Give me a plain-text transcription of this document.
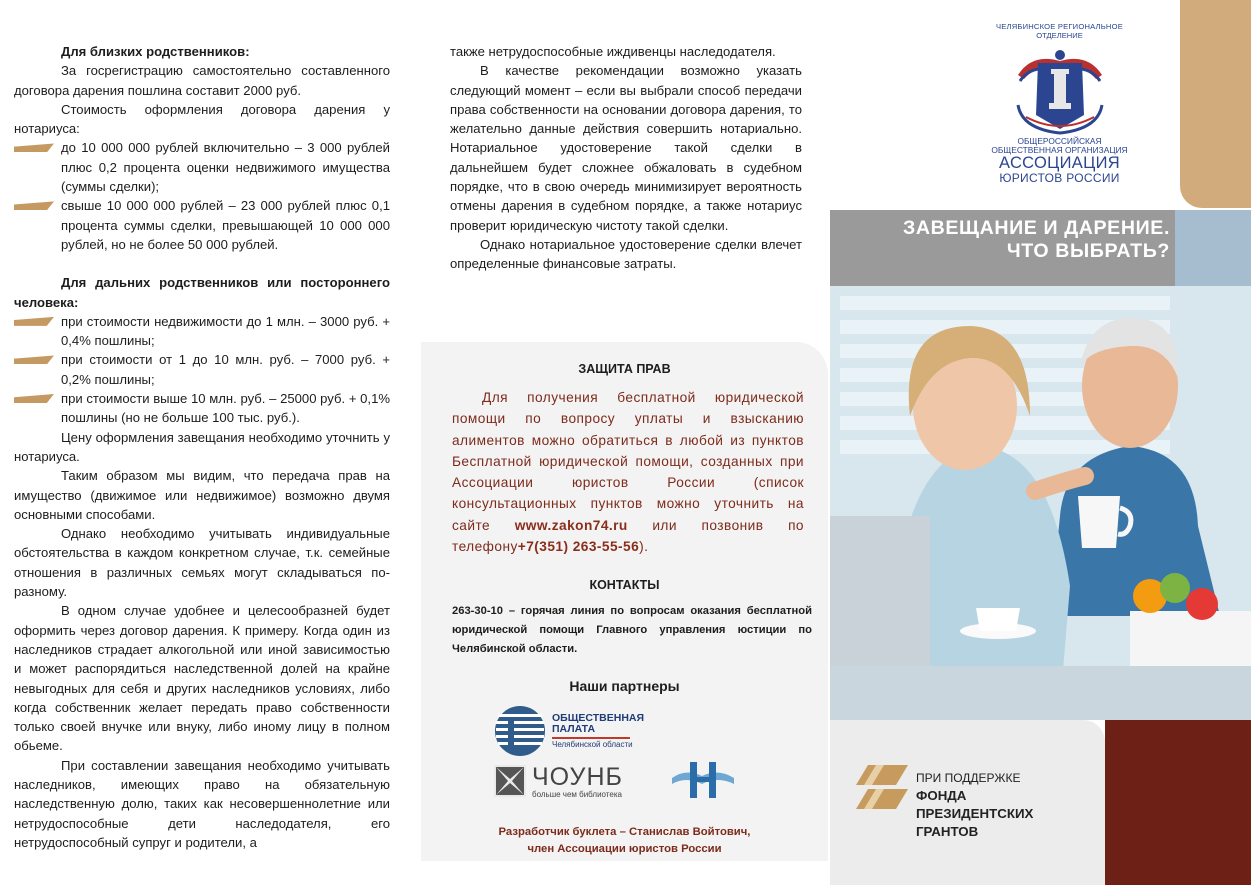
Для близких родственников:

За госрегистрацию самостоятельно составленного договора дарения пошлина составит 2000 руб.

Стоимость оформления договора дарения у нотариуса:

до 10 000 000 рублей включительно – 3 000 рублей плюс 0,2 процента оценки недвижимого имущества (суммы сделки);
свыше 10 000 000 рублей – 23 000 рублей плюс 0,1 процента суммы сделки, превышающей 10 000 000 рублей, но не более 50 000 рублей.
Для дальних родственников или постороннего человека:
при стоимости недвижимости до 1 млн. – 3000 руб. + 0,4% пошлины;
при стоимости от 1 до 10 млн. руб. – 7000 руб. + 0,2% пошлины;
при стоимости выше 10 млн. руб. – 25000 руб. + 0,1% пошлины (но не больше 100 тыс. руб.).

Цену оформления завещания необходимо уточнить у нотариуса.

Таким образом мы видим, что передача прав на имущество (движимое или недвижимое) возможно двумя основными способами.

Однако необходимо учитывать индивидуальные обстоятельства в каждом конкретном случае, т.к. семейные отношения в различных семьях могут складываться по-разному.

В одном случае удобнее и целесообразней будет оформить через договор дарения. К примеру. Когда один из наследников страдает алкогольной или иной зависимостью и может распорядиться наследственной долей на крайне невыгодных для себя и других наследников условиях, либо когда собственник желает передать право собственности только своей внучке или внуку, либо иному лицу в полном обьеме.

При составлении завещания необходимо учитывать наследников, имеющих право на обязательную наследственную долю, таких как несовершеннолетние или нетрудоспособные дети наследодателя, его нетрудоспособный супруг и родители, а

также нетрудоспособные иждивенцы наследодателя.

В качестве рекомендации возможно указать следующий момент – если вы выбрали способ передачи права собственности на основании договора дарения, то желательно данные действия совершить нотариально. Нотариальное удостоверение такой сделки в дальнейшем будет сложнее обжаловать в судебном порядке, что в свою очередь минимизирует вероятность отмены дарения в судебном порядке, а также нотариус проверит юридическую чистоту такой сделки.

Однако нотариальное удостоверение сделки влечет определенные финансовые затраты.

ЗАЩИТА ПРАВ
Для получения бесплатной юридической помощи по вопросу уплаты и взысканию алиментов можно обратиться в любой из пунктов Бесплатной юридической помощи, созданных при Ассоциации юристов России (список консультационных пунктов можно уточнить на сайте www.zakon74.ru или позвонив по телефону+7(351) 263-55-56).
КОНТАКТЫ
263-30-10 – горячая линия по вопросам оказания бесплатной юридической помощи Главного управления юстиции по Челябинской области.
Наши партнеры
ОБЩЕСТВЕННАЯ
ПАЛАТА
Челябинской области
ЧОУНБ
больше чем библиотека
Разработчик буклета – Станислав Войтович,
член Ассоциации юристов России
ЧЕЛЯБИНСКОЕ РЕГИОНАЛЬНОЕ
ОТДЕЛЕНИЕ
ОБЩЕРОССИЙСКАЯ
ОБЩЕСТВЕННАЯ ОРГАНИЗАЦИЯ
АССОЦИАЦИЯ
ЮРИСТОВ РОССИИ
ЗАВЕЩАНИЕ И ДАРЕНИЕ.
ЧТО ВЫБРАТЬ?
ПРИ ПОДДЕРЖКЕ
ФОНДА
ПРЕЗИДЕНТСКИХ
ГРАНТОВ
